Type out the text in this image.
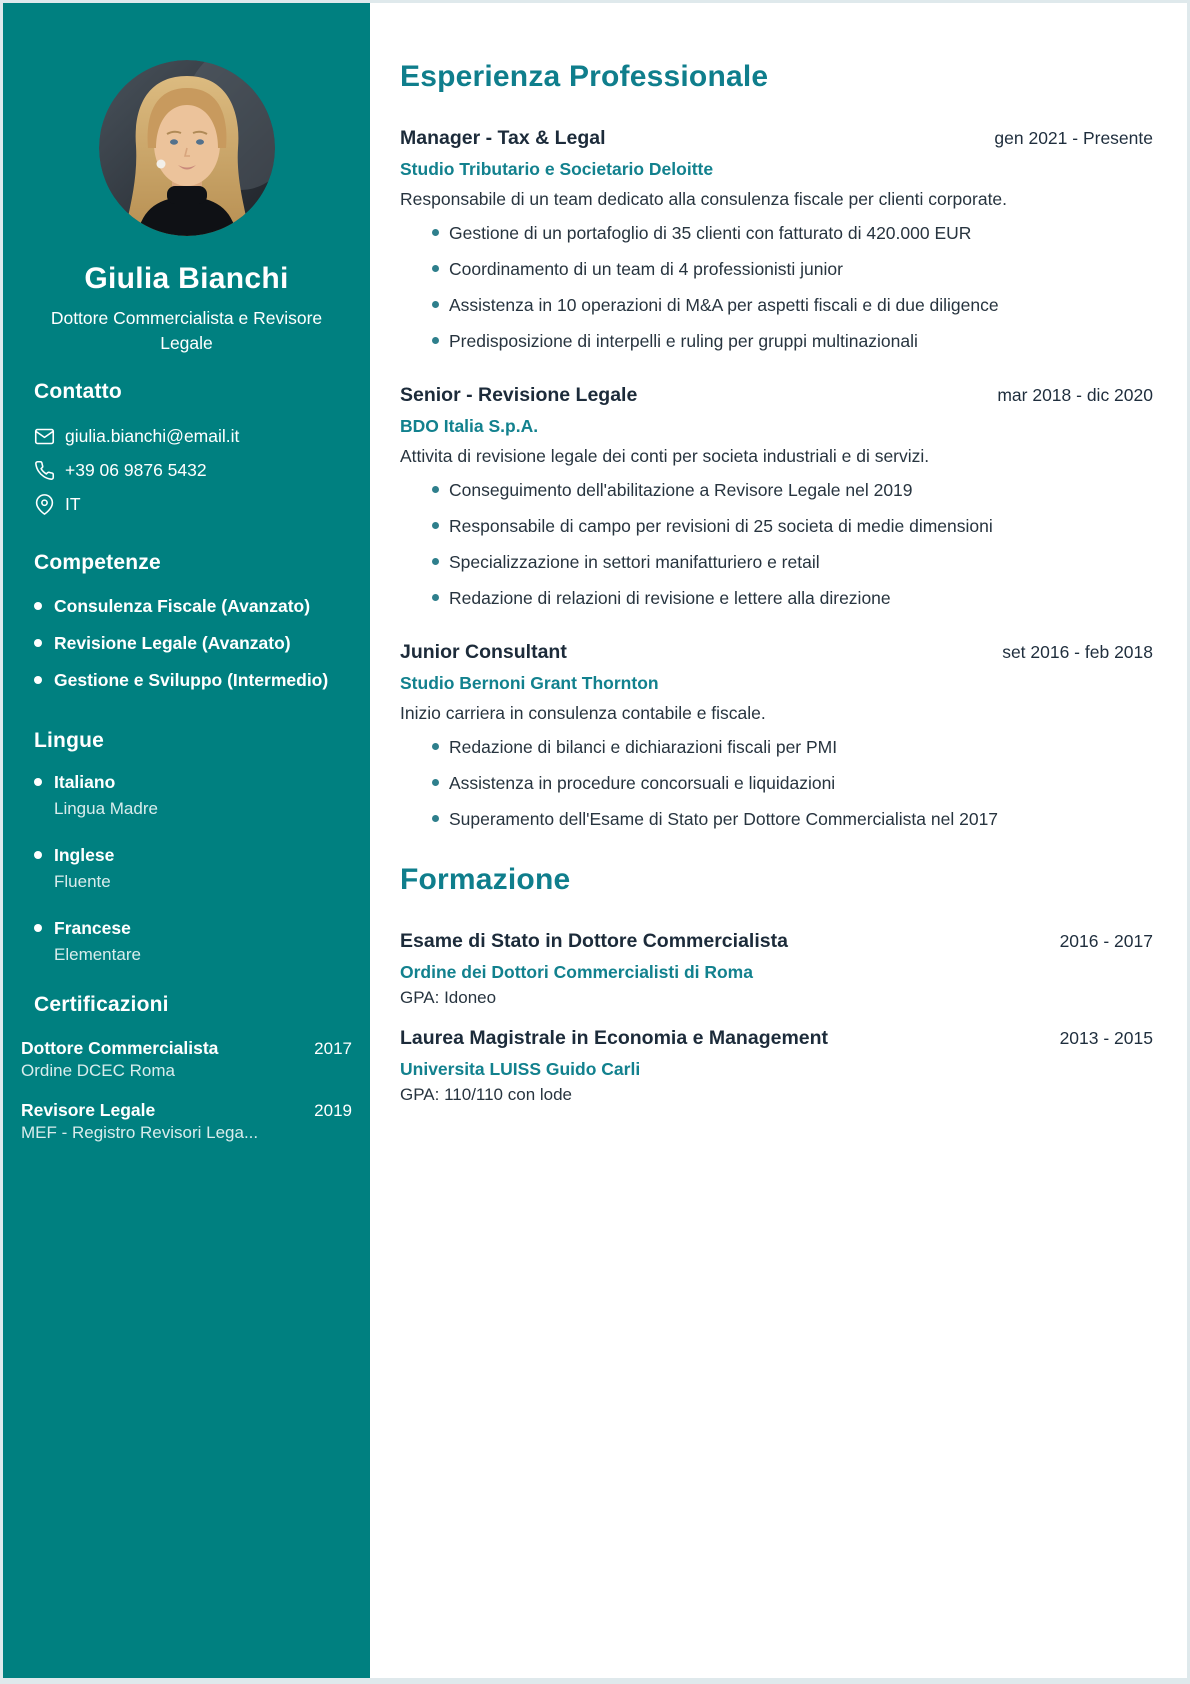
Giulia Bianchi
Dottore Commercialista e Revisore Legale
Contatto
giulia.bianchi@email.it
+39 06 9876 5432
IT
Competenze
Consulenza Fiscale (Avanzato)
Revisione Legale (Avanzato)
Gestione e Sviluppo (Intermedio)
Lingue
Italiano
Lingua Madre
Inglese
Fluente
Francese
Elementare
Certificazioni
Dottore Commercialista	2017
Ordine DCEC Roma
Revisore Legale	2019
MEF - Registro Revisori Lega...
Esperienza Professionale
Manager - Tax & Legal	gen 2021 - Presente
Studio Tributario e Societario Deloitte

Responsabile di un team dedicato alla consulenza fiscale per clienti corporate.

Gestione di un portafoglio di 35 clienti con fatturato di 420.000 EUR
Coordinamento di un team di 4 professionisti junior
Assistenza in 10 operazioni di M&A per aspetti fiscali e di due diligence
Predisposizione di interpelli e ruling per gruppi multinazionali
Senior - Revisione Legale	mar 2018 - dic 2020
BDO Italia S.p.A.

Attivita di revisione legale dei conti per societa industriali e di servizi.

Conseguimento dell'abilitazione a Revisore Legale nel 2019
Responsabile di campo per revisioni di 25 societa di medie dimensioni
Specializzazione in settori manifatturiero e retail
Redazione di relazioni di revisione e lettere alla direzione
Junior Consultant	set 2016 - feb 2018
Studio Bernoni Grant Thornton

Inizio carriera in consulenza contabile e fiscale.

Redazione di bilanci e dichiarazioni fiscali per PMI
Assistenza in procedure concorsuali e liquidazioni
Superamento dell'Esame di Stato per Dottore Commercialista nel 2017
Formazione
Esame di Stato in Dottore Commercialista	2016 - 2017
Ordine dei Dottori Commercialisti di Roma
GPA: Idoneo
Laurea Magistrale in Economia e Management	2013 - 2015
Universita LUISS Guido Carli
GPA: 110/110 con lode
